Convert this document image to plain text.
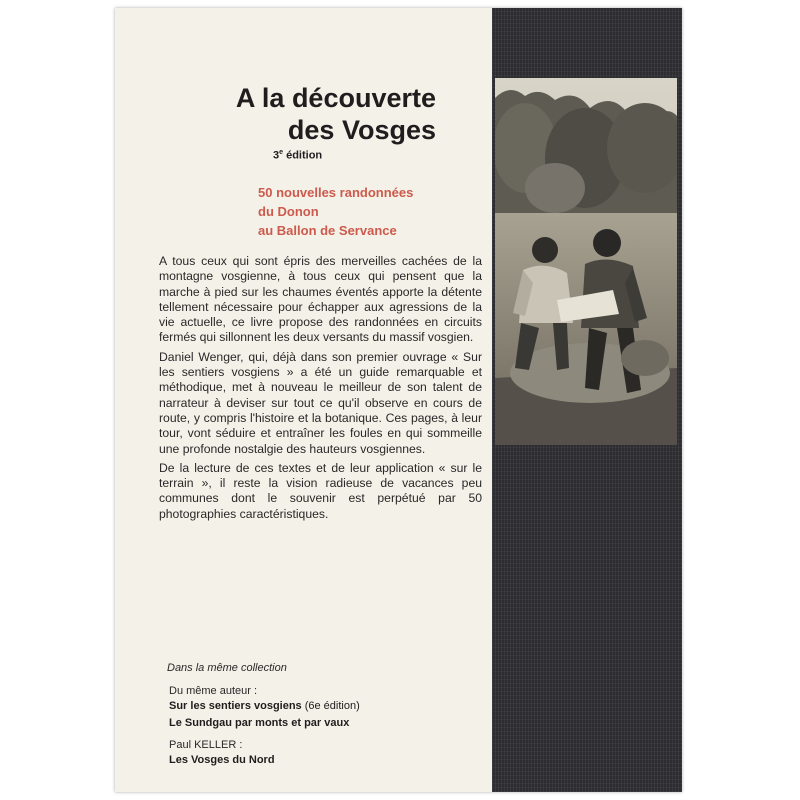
A la découverte
des Vosges
3e édition
50 nouvelles randonnées
du Donon
au Ballon de Servance

A tous ceux qui sont épris des merveilles cachées de la montagne vosgienne, à tous ceux qui pensent que la marche à pied sur les chaumes éventés apporte la détente tellement nécessaire pour échapper aux agressions de la vie actuelle, ce livre propose des randonnées en circuits fermés qui sillonnent les deux versants du massif vosgien.

Daniel Wenger, qui, déjà dans son premier ouvrage « Sur les sentiers vosgiens » a été un guide remarquable et méthodique, met à nouveau le meilleur de son talent de narrateur à deviser sur tout ce qu'il observe en cours de route, y compris l'histoire et la botanique. Ces pages, à leur tour, vont séduire et entraîner les foules en qui sommeille une profonde nostalgie des hauteurs vosgiennes.

De la lecture de ces textes et de leur application « sur le terrain », il reste la vision radieuse de vacances peu communes dont le souvenir est perpétué par 50 photographies caractéristiques.

Dans la même collection
Du même auteur :
Sur les sentiers vosgiens (6e édition)
Le Sundgau par monts et par vaux
Paul KELLER :
Les Vosges du Nord
